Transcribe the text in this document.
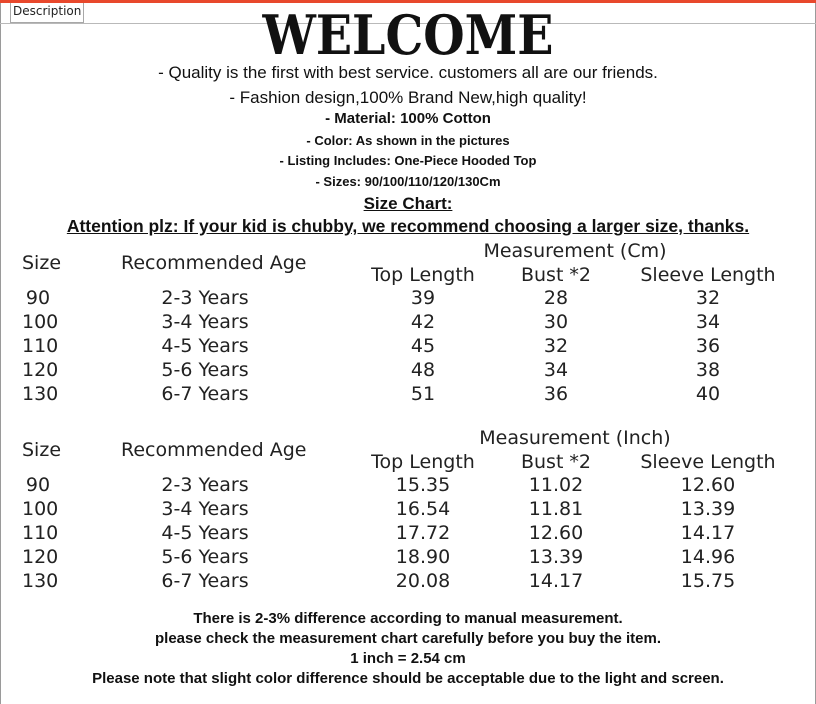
Description	WELCOME
- Quality is the first with best service. customers all are our friends.
- Fashion design,100% Brand New,high quality!
- Material: 100% Cotton
- Color: As shown in the pictures
- Listing Includes: One-Piece Hooded Top
- Sizes: 90/100/110/120/130Cm
Size Chart:
Attention plz: If your kid is chubby, we recommend choosing a larger size, thanks.
Size	Recommended Age
Measurement (Cm)
Top Length	Bust *2	Sleeve Length
90	2-3 Years	39	28	32
100	3-4 Years	42	30	34
110	4-5 Years	45	32	36
120	5-6 Years	48	34	38
130	6-7 Years	51	36	40
Size	Recommended Age
Measurement (Inch)
Top Length	Bust *2	Sleeve Length
90	2-3 Years	15.35	11.02	12.60
100	3-4 Years	16.54	11.81	13.39
110	4-5 Years	17.72	12.60	14.17
120	5-6 Years	18.90	13.39	14.96
130	6-7 Years	20.08	14.17	15.75
There is 2-3% difference according to manual measurement.
please check the measurement chart carefully before you buy the item.
1 inch = 2.54 cm
Please note that slight color difference should be acceptable due to the light and screen.
